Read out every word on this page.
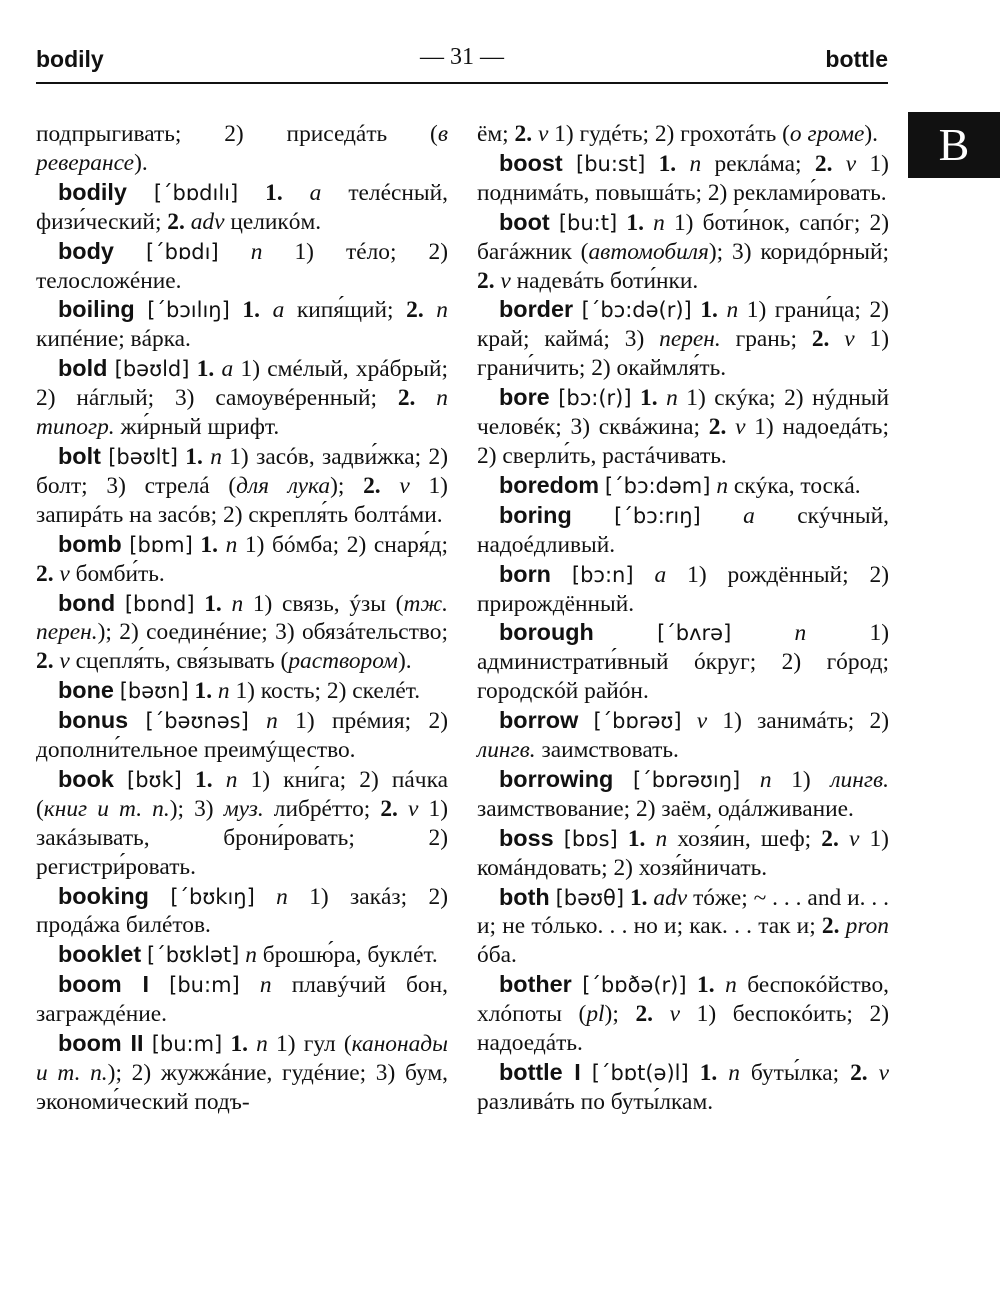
bodily	— 31 —	bottle
B

подпрыгивать; 2) приседáть (в реверансе).

bodily [΄bɒdılı] 1. a телéсный, физи́ческий; 2. adv целикóм.

body [΄bɒdı] n 1) тéло; 2) телосложéние.

boiling [΄bɔılıŋ] 1. a кипя́щий; 2. n кипéние; вáрка.

bold [bəʊld] 1. a 1) смéлый, хрáбрый; 2) нáглый; 3) самоувéренный; 2. n типогр. жи́рный шрифт.

bolt [bəʊlt] 1. n 1) засóв, задви́жка; 2) болт; 3) стрелá (для лука); 2. v 1) запирáть на засóв; 2) скрепля́ть болтáми.

bomb [bɒm] 1. n 1) бóмба; 2) снаря́д; 2. v бомби́ть.

bond [bɒnd] 1. n 1) связь, ýзы (тж. перен.); 2) соединéние; 3) обязáтельство; 2. v сцепля́ть, свя́зывать (раствором).

bone [bəʊn] 1. n 1) кость; 2) скелéт.

bonus [΄bəʊnəs] n 1) прéмия; 2) дополни́тельное преимýщество.

book [bʊk] 1. n 1) кни́га; 2) пáчка (книг и т. п.); 3) муз. либрéтто; 2. v 1) закáзывать, брони́ровать; 2) регистри́ровать.

booking [΄bʊkıŋ] n 1) закáз; 2) продáжа билéтов.

booklet [΄bʊklət] n брошю́ра, буклéт.

boom I [bu:m] n плавýчий бон, заграждéние.

boom II [bu:m] 1. n 1) гул (канонады и т. п.); 2) жужжáние, гудéние; 3) бум, экономи́ческий подъ-

ём; 2. v 1) гудéть; 2) грохотáть (о громе).

boost [bu:st] 1. n реклáма; 2. v 1) поднимáть, повышáть; 2) реклами́ровать.

boot [bu:t] 1. n 1) боти́нок, сапóг; 2) багáжник (автомобиля); 3) коридóрный; 2. v надевáть боти́нки.

border [΄bɔ:də(r)] 1. n 1) грани́ца; 2) край; каймá; 3) перен. грань; 2. v 1) грани́чить; 2) окаймля́ть.

bore [bɔ:(r)] 1. n 1) скýка; 2) нýдный человéк; 3) сквáжина; 2. v 1) надоедáть; 2) сверли́ть, растáчивать.

boredom [΄bɔ:dəm] n скýка, тоскá.

boring [΄bɔ:rıŋ] a скýчный, надоéдливый.

born [bɔ:n] a 1) рождённый; 2) прирождённый.

borough	[΄bʌrə]	n 1) администрати́вный óкруг; 2) гóрод; городскóй райóн.

borrow [΄bɒrəʊ] v 1) занимáть; 2) лингв. заимствовать.

borrowing [΄bɒrəʊıŋ] n 1) лингв. заимствование; 2) заём, одáлживание.

boss [bɒs] 1. n хозя́ин, шеф; 2. v 1) комáндовать; 2) хозя́йничать.

both [bəʊθ] 1. adv тóже; ~ . . . and и. . . и; не тóлько. . . но и; как. . . так и; 2. pron óба.

bother [΄bɒðə(r)] 1. n беспокóйство, хлóпоты (pl); 2. v 1) беспокóить; 2) надоедáть.

bottle I [΄bɒt(ə)l] 1. n буты́лка; 2. v разливáть по буты́лкам.
